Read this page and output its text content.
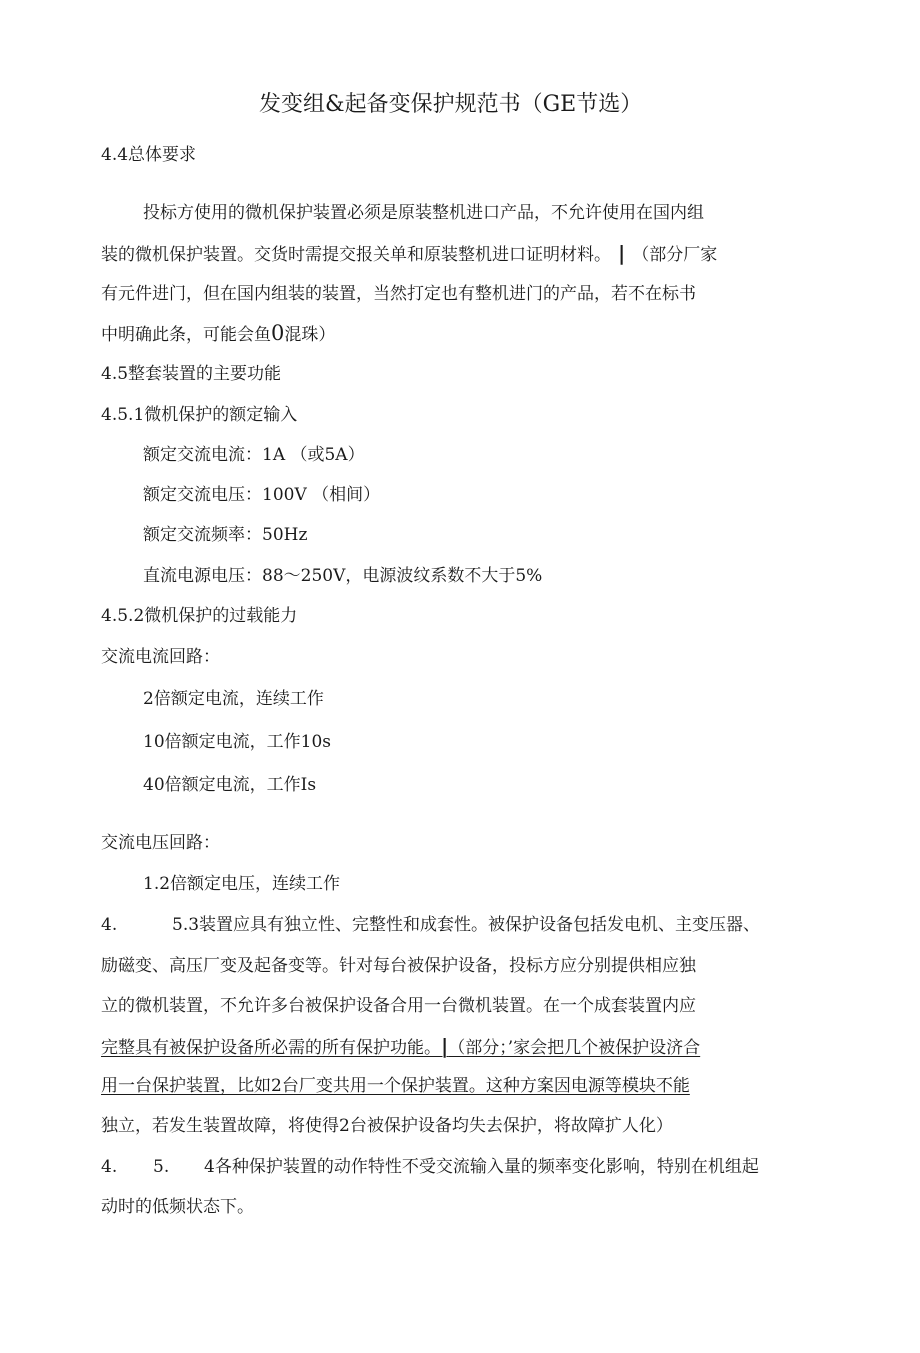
发变组&起备变保护规范书（GE节选）
4.4总体要求
投标方使用的微机保护装置必须是原装整机进口产品，不允许使用在国内组
装的微机保护装置。交货时需提交报关单和原装整机进口证明材料。 | （部分厂家
有元件进门，但在国内组装的装置，当然打定也有整机进门的产品，若不在标书
中明确此条，可能会鱼0混珠）
4.5整套装置的主要功能
4.5.1微机保护的额定输入
额定交流电流：1A （或5A）
额定交流电压：100V （相间）
额定交流频率：50Hz
直流电源电压：88～250V，电源波纹系数不大于5%
4.5.2微机保护的过载能力
交流电流回路：
2倍额定电流，连续工作
10倍额定电流，工作10s
40倍额定电流，工作Is
交流电压回路：
1.2倍额定电压，连续工作
4.	5.3装置应具有独立性、完整性和成套性。被保护设备包括发电机、主变压器、
励磁变、高压厂变及起备变等。针对每台被保护设备，投标方应分别提供相应独
立的微机装置，不允许多台被保护设备合用一台微机装置。在一个成套装置内应
完整具有被保护设备所必需的所有保护功能。|（部分；’家会把几个被保护设济合
用一台保护装置，比如2台厂变共用一个保护装置。这种方案因电源等模块不能
独立，若发生装置故障，将使得2台被保护设备均失去保护，将故障扩人化）
4. 5. 4各种保护装置的动作特性不受交流输入量的频率变化影响，特别在机组起
动时的低频状态下。
